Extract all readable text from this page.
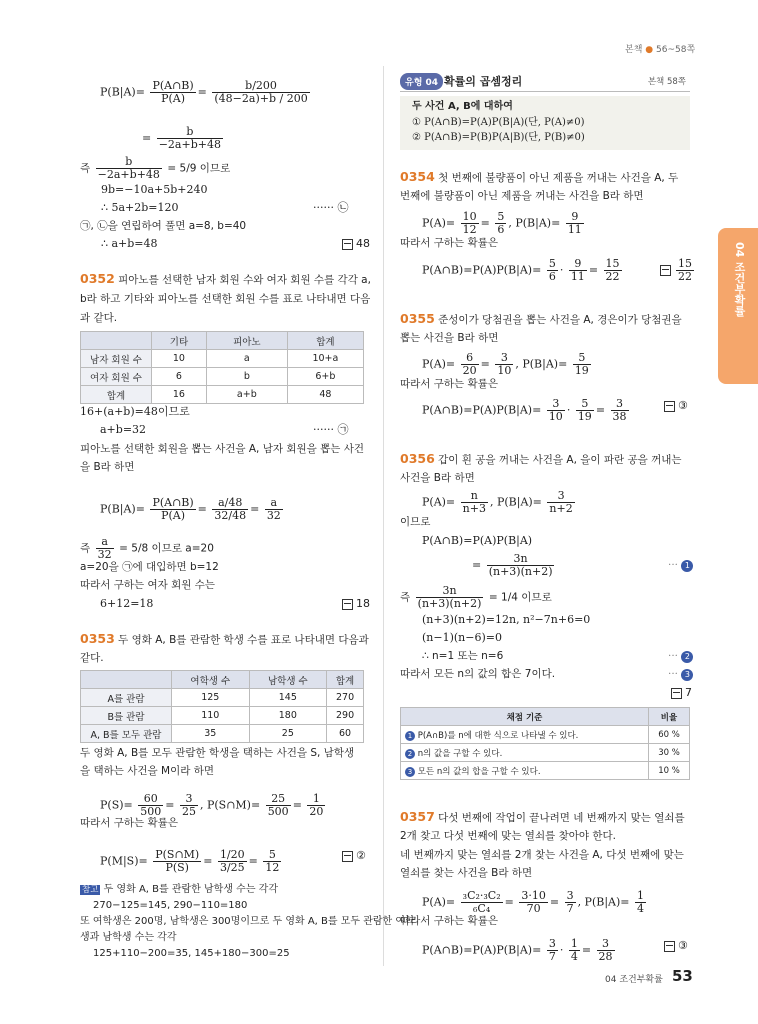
본책 ● 56~58쪽
04 조건부확률
$P(B|A)= \frac{P(A\cap B)}{P(A)} = \frac{b/200}{(48-2a)+b / 200}$
= $\frac{b}{-2a+b+48}$
즉 $\frac{b}{-2a+b+48} = 5/9$ 이므로
9b=−10a+5b+240
∴ 5a+2b=120	······ ㉡
㉠, ㉡을 연립하여 풀면 a=8, b=40
∴ a+b=48	48
0352 피아노를 선택한 남자 회원 수와 여자 회원 수를 각각 a,
b라 하고 기타와 피아노를 선택한 회원 수를 표로 나타내면 다음
과 같다.
	기타	피아노	합계
남자 회원 수	10	a	10+a
여자 회원 수	6	b	6+b
합계	16	a+b	48
16+(a+b)=48이므로
a+b=32	······ ㉠
피아노를 선택한 회원을 뽑는 사건을 A, 남자 회원을 뽑는 사건
을 B라 하면
$P(B|A)= \frac{P(A\cap B)}{P(A)} = \frac{a/48}{32/48} = \frac{a}{32}$
즉 $\frac{a}{32} = 5/8$ 이므로 a=20
a=20을 ㉠에 대입하면 b=12
따라서 구하는 여자 회원 수는
6+12=18	18
0353 두 영화 A, B를 관람한 학생 수를 표로 나타내면 다음과
같다.
	여학생 수	남학생 수	합계
A를 관람	125	145	270
B를 관람	110	180	290
A, B를 모두 관람	35	25	60
두 영화 A, B를 모두 관람한 학생을 택하는 사건을 S, 남학생
을 택하는 사건을 M이라 하면
$P(S)= \frac{60}{500} = \frac{3}{25}$ , P(S∩M)= $\frac{25}{500} = \frac{1}{20}$
따라서 구하는 확률은
$P(M|S)= \frac{P(S\cap M)}{P(S)} = \frac{1/20}{3/25} = \frac{5}{12}$	②
참고 두 영화 A, B를 관람한 남학생 수는 각각
270−125=145, 290−110=180
또 여학생은 200명, 남학생은 300명이므로 두 영화 A, B를 모두 관람한 여학
생과 남학생 수는 각각
125+110−200=35, 145+180−300=25
유형 04 확률의 곱셈정리	본책 58쪽
두 사건 A, B에 대하여
① P(A∩B)=P(A)P(B|A)(단, P(A)≠0)
② P(A∩B)=P(B)P(A|B)(단, P(B)≠0)
0354 첫 번째에 불량품이 아닌 제품을 꺼내는 사건을 A, 두
번째에 불량품이 아닌 제품을 꺼내는 사건을 B라 하면
$P(A)= \frac{10}{12} = \frac{5}{6}$ , $P(B|A)= \frac{9}{11}$
따라서 구하는 확률은
P(A∩B)=P(A)P(B|A)= $\frac{5}{6} \cdot \frac{9}{11} = \frac{15}{22}$	$\frac{15}{22}$
0355 준성이가 당첨권을 뽑는 사건을 A, 경은이가 당첨권을
뽑는 사건을 B라 하면
$P(A)= \frac{6}{20} = \frac{3}{10}$ , $P(B|A)= \frac{5}{19}$
따라서 구하는 확률은
P(A∩B)=P(A)P(B|A)= $\frac{3}{10} \cdot \frac{5}{19} = \frac{3}{38}$	③
0356 갑이 흰 공을 꺼내는 사건을 A, 을이 파란 공을 꺼내는
사건을 B라 하면
$P(A)= \frac{n}{n+3}$ , $P(B|A)= \frac{3}{n+2}$
이므로
P(A∩B)=P(A)P(B|A)
= $\frac{3n}{(n+3)(n+2)}$	··· 1
즉 $\frac{3n}{(n+3)(n+2)} = 1/4$ 이므로
(n+3)(n+2)=12n, n²−7n+6=0
(n−1)(n−6)=0
∴ n=1 또는 n=6	··· 2
따라서 모든 n의 값의 합은 7이다.	··· 3
7
채점 기준	비율
1 P(A∩B)를 n에 대한 식으로 나타낼 수 있다.	60 %
2 n의 값을 구할 수 있다.	30 %
3 모든 n의 값의 합을 구할 수 있다.	10 %
0357 다섯 번째에 작업이 끝나려면 네 번째까지 맞는 열쇠를
2개 찾고 다섯 번째에 맞는 열쇠를 찾아야 한다.
네 번째까지 맞는 열쇠를 2개 찾는 사건을 A, 다섯 번째에 맞는
열쇠를 찾는 사건을 B라 하면
$P(A)= \frac{\text{₃C₂·₃C₂}}{\text{₆C₄}} = \frac{3\cdot 10}{70} = \frac{3}{7}$ , $P(B|A)= \frac{1}{4}$
따라서 구하는 확률은
P(A∩B)=P(A)P(B|A)= $\frac{3}{7} \cdot \frac{1}{4} = \frac{3}{28}$	③
04 조건부확률 53
